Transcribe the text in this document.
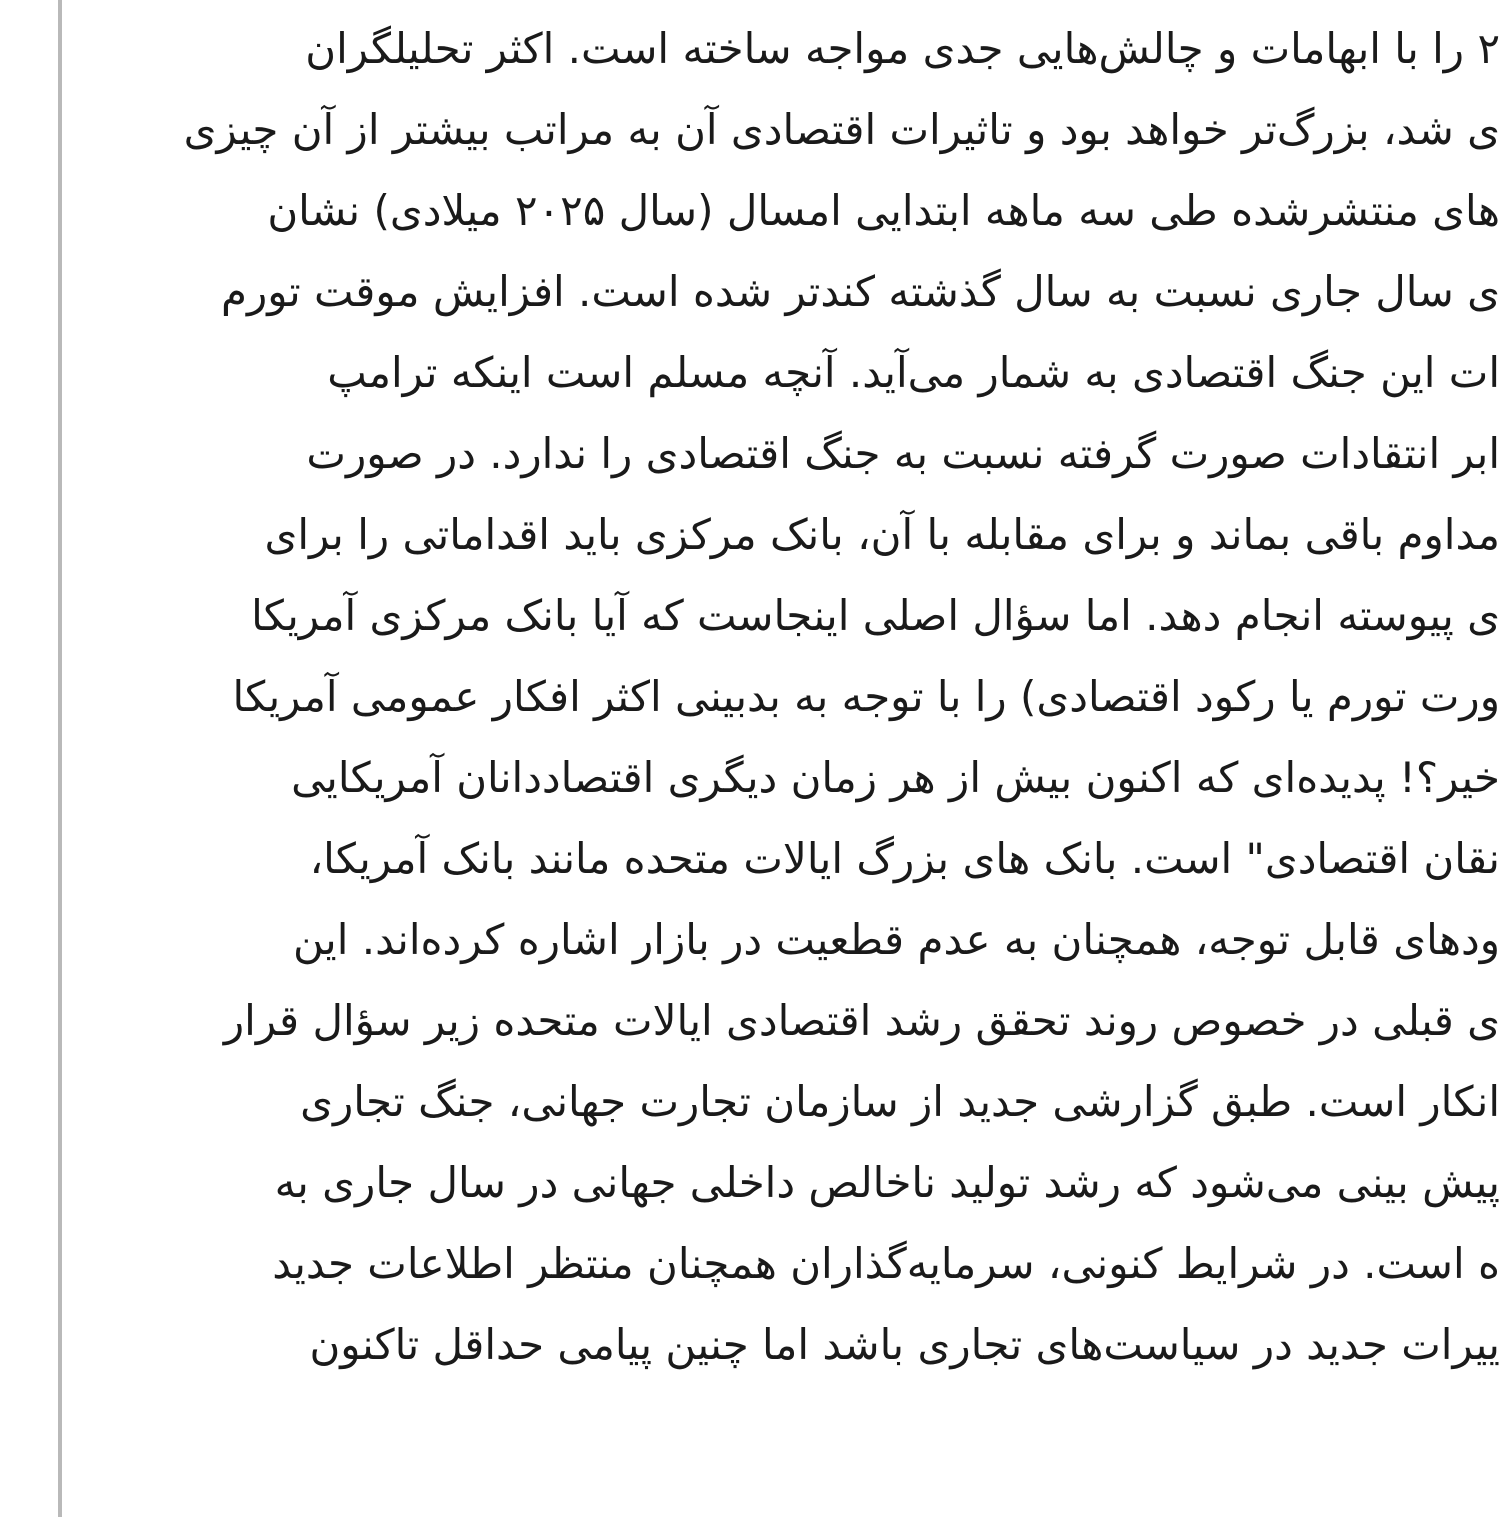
۲ را با ابهامات و چالش‌هایی جدی مواجه ساخته است. اکثر تحلیلگران
ی شد، بزرگ‌تر خواهد بود و تاثیرات اقتصادی آن به مراتب بیشتر از آن چیزی
های منتشرشده طی سه ماهه ابتدایی امسال (سال ۲۰۲۵ میلادی) نشان
ی سال جاری نسبت به سال گذشته کندتر شده است. افزایش موقت تورم
ات این جنگ اقتصادی به شمار می‌آید. آنچه مسلم است اینکه ترامپ
ابر انتقادات صورت گرفته نسبت به جنگ اقتصادی را ندارد. در صورت
مداوم باقی بماند و برای مقابله با آن، بانک مرکزی باید اقداماتی را برای
ی پیوسته انجام دهد. اما سؤال اصلی اینجاست که آیا بانک مرکزی آمریکا
ورت تورم یا رکود اقتصادی) را با توجه به بدبینی اکثر افکار عمومی آمریکا
خیر؟! پدیده‌ای که اکنون بیش از هر زمان دیگری اقتصاددانان آمریکایی
نقان اقتصادی" است. بانک های بزرگ ایالات متحده مانند بانک آمریکا،
ودهای قابل توجه، همچنان به عدم قطعیت در بازار اشاره کرده‌اند. این
ی قبلی در خصوص روند تحقق رشد اقتصادی ایالات متحده زیر سؤال قرار
انکار است. طبق گزارشی جدید از سازمان تجارت جهانی، جنگ تجاری
پیش بینی می‌شود که رشد تولید ناخالص داخلی جهانی در سال جاری به
ه است. در شرایط کنونی، سرمایه‌گذاران همچنان منتظر اطلاعات جدید
ییرات جدید در سیاست‌های تجاری باشد اما چنین پیامی حداقل تاکنون
